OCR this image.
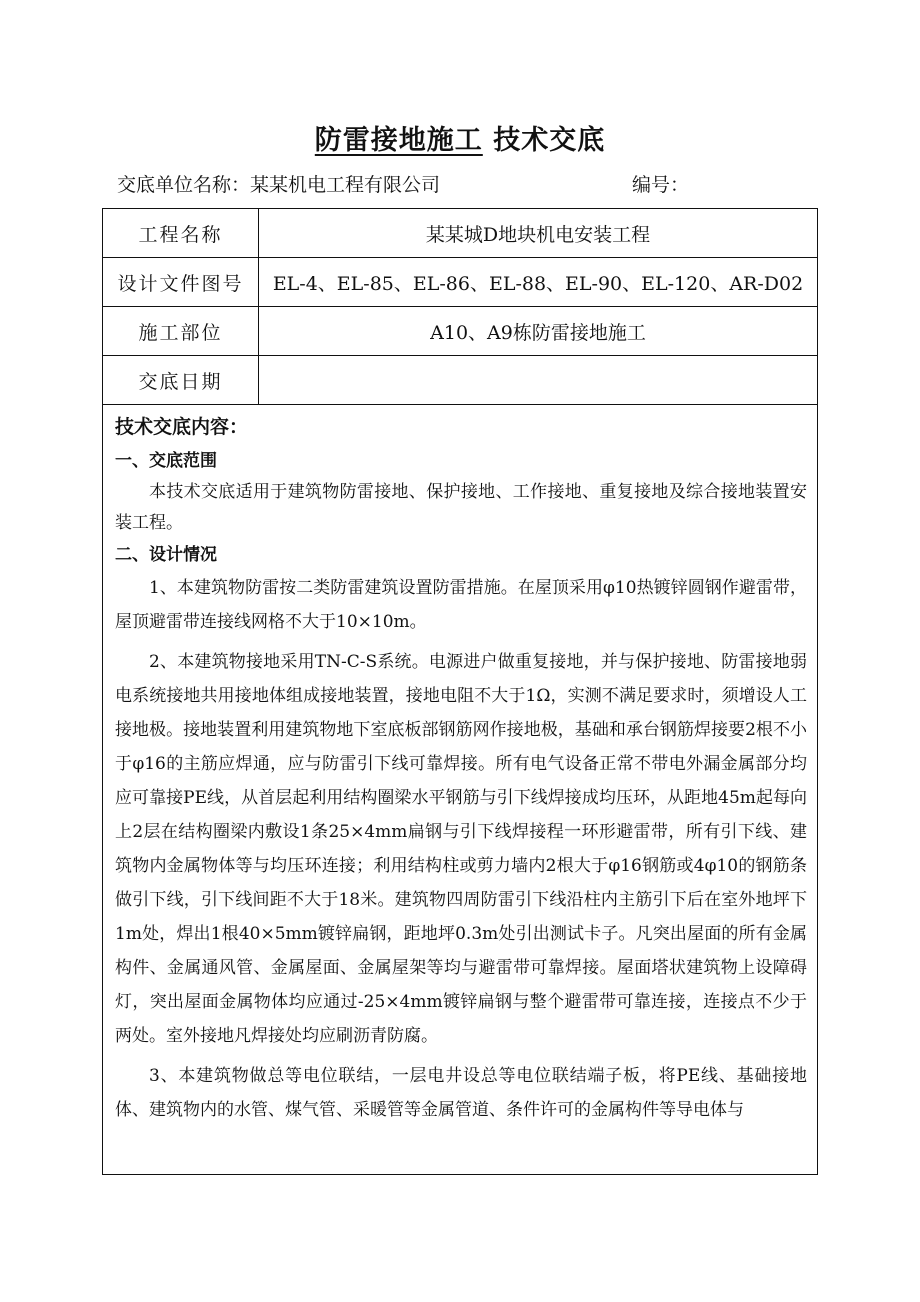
防雷接地施工 技术交底
交底单位名称：某某机电工程有限公司	编号：
工程名称	某某城D地块机电安装工程
设计文件图号	EL-4、EL-85、EL-86、EL-88、EL-90、EL-120、AR-D02
施工部位	A10、A9栋防雷接地施工
交底日期	
技术交底内容：
一、交底范围

本技术交底适用于建筑物防雷接地、保护接地、工作接地、重复接地及综合接地装置安装工程。

二、设计情况

1、本建筑物防雷按二类防雷建筑设置防雷措施。在屋顶采用φ10热镀锌圆钢作避雷带，屋顶避雷带连接线网格不大于10×10m。

2、本建筑物接地采用TN-C-S系统。电源进户做重复接地，并与保护接地、防雷接地弱电系统接地共用接地体组成接地装置，接地电阻不大于1Ω，实测不满足要求时，须增设人工接地极。接地装置利用建筑物地下室底板部钢筋网作接地极，基础和承台钢筋焊接要2根不小于φ16的主筋应焊通，应与防雷引下线可靠焊接。所有电气设备正常不带电外漏金属部分均应可靠接PE线，从首层起利用结构圈梁水平钢筋与引下线焊接成均压环，从距地45m起每向上2层在结构圈梁内敷设1条25×4mm扁钢与引下线焊接程一环形避雷带，所有引下线、建筑物内金属物体等与均压环连接；利用结构柱或剪力墙内2根大于φ16钢筋或4φ10的钢筋条做引下线，引下线间距不大于18米。建筑物四周防雷引下线沿柱内主筋引下后在室外地坪下1m处，焊出1根40×5mm镀锌扁钢，距地坪0.3m处引出测试卡子。凡突出屋面的所有金属构件、金属通风管、金属屋面、金属屋架等均与避雷带可靠焊接。屋面塔状建筑物上设障碍灯，突出屋面金属物体均应通过-25×4mm镀锌扁钢与整个避雷带可靠连接，连接点不少于两处。室外接地凡焊接处均应刷沥青防腐。

3、本建筑物做总等电位联结，一层电井设总等电位联结端子板，将PE线、基础接地体、建筑物内的水管、煤气管、采暖管等金属管道、条件许可的金属构件等导电体与
